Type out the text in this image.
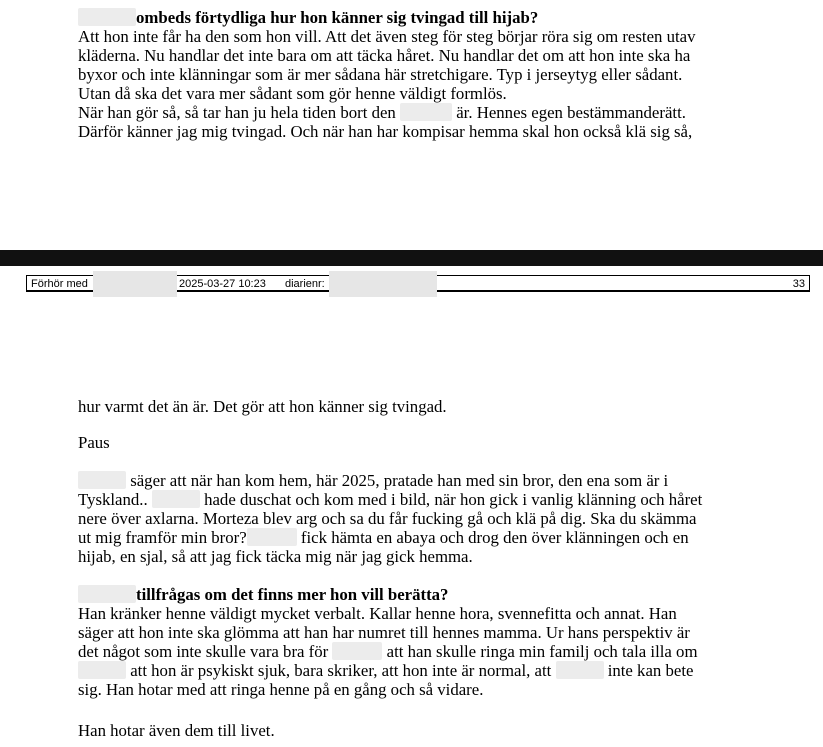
ombeds förtydliga hur hon känner sig tvingad till hijab?

Att hon inte får ha den som hon vill. Att det även steg för steg börjar röra sig om resten utav

kläderna. Nu handlar det inte bara om att täcka håret. Nu handlar det om att hon inte ska ha

byxor och inte klänningar som är mer sådana här stretchigare. Typ i jerseytyg eller sådant.

Utan då ska det vara mer sådant som gör henne väldigt formlös.

När han gör så, så tar han ju hela tiden bort den	är. Hennes egen bestämmanderätt.

Därför känner jag mig tvingad. Och när han har kompisar hemma skal hon också klä sig så,

Förhör med	2025-03-27 10:23 diarienr:	33

hur varmt det än är. Det gör att hon känner sig tvingad.

Paus

säger att när han kom hem, här 2025, pratade han med sin bror, den ena som är i

Tyskland..	hade duschat och kom med i bild, när hon gick i vanlig klänning och håret

nere över axlarna. Morteza blev arg och sa du får fucking gå och klä på dig. Ska du skämma

ut mig framför min bror?	fick hämta en abaya och drog den över klänningen och en

hijab, en sjal, så att jag fick täcka mig när jag gick hemma.

tillfrågas om det finns mer hon vill berätta?

Han kränker henne väldigt mycket verbalt. Kallar henne hora, svennefitta och annat. Han

säger att hon inte ska glömma att han har numret till hennes mamma. Ur hans perspektiv är

det något som inte skulle vara bra för	att han skulle ringa min familj och tala illa om

att hon är psykiskt sjuk, bara skriker, att hon inte är normal, att	inte kan bete

sig. Han hotar med att ringa henne på en gång och så vidare.

Han hotar även dem till livet.
